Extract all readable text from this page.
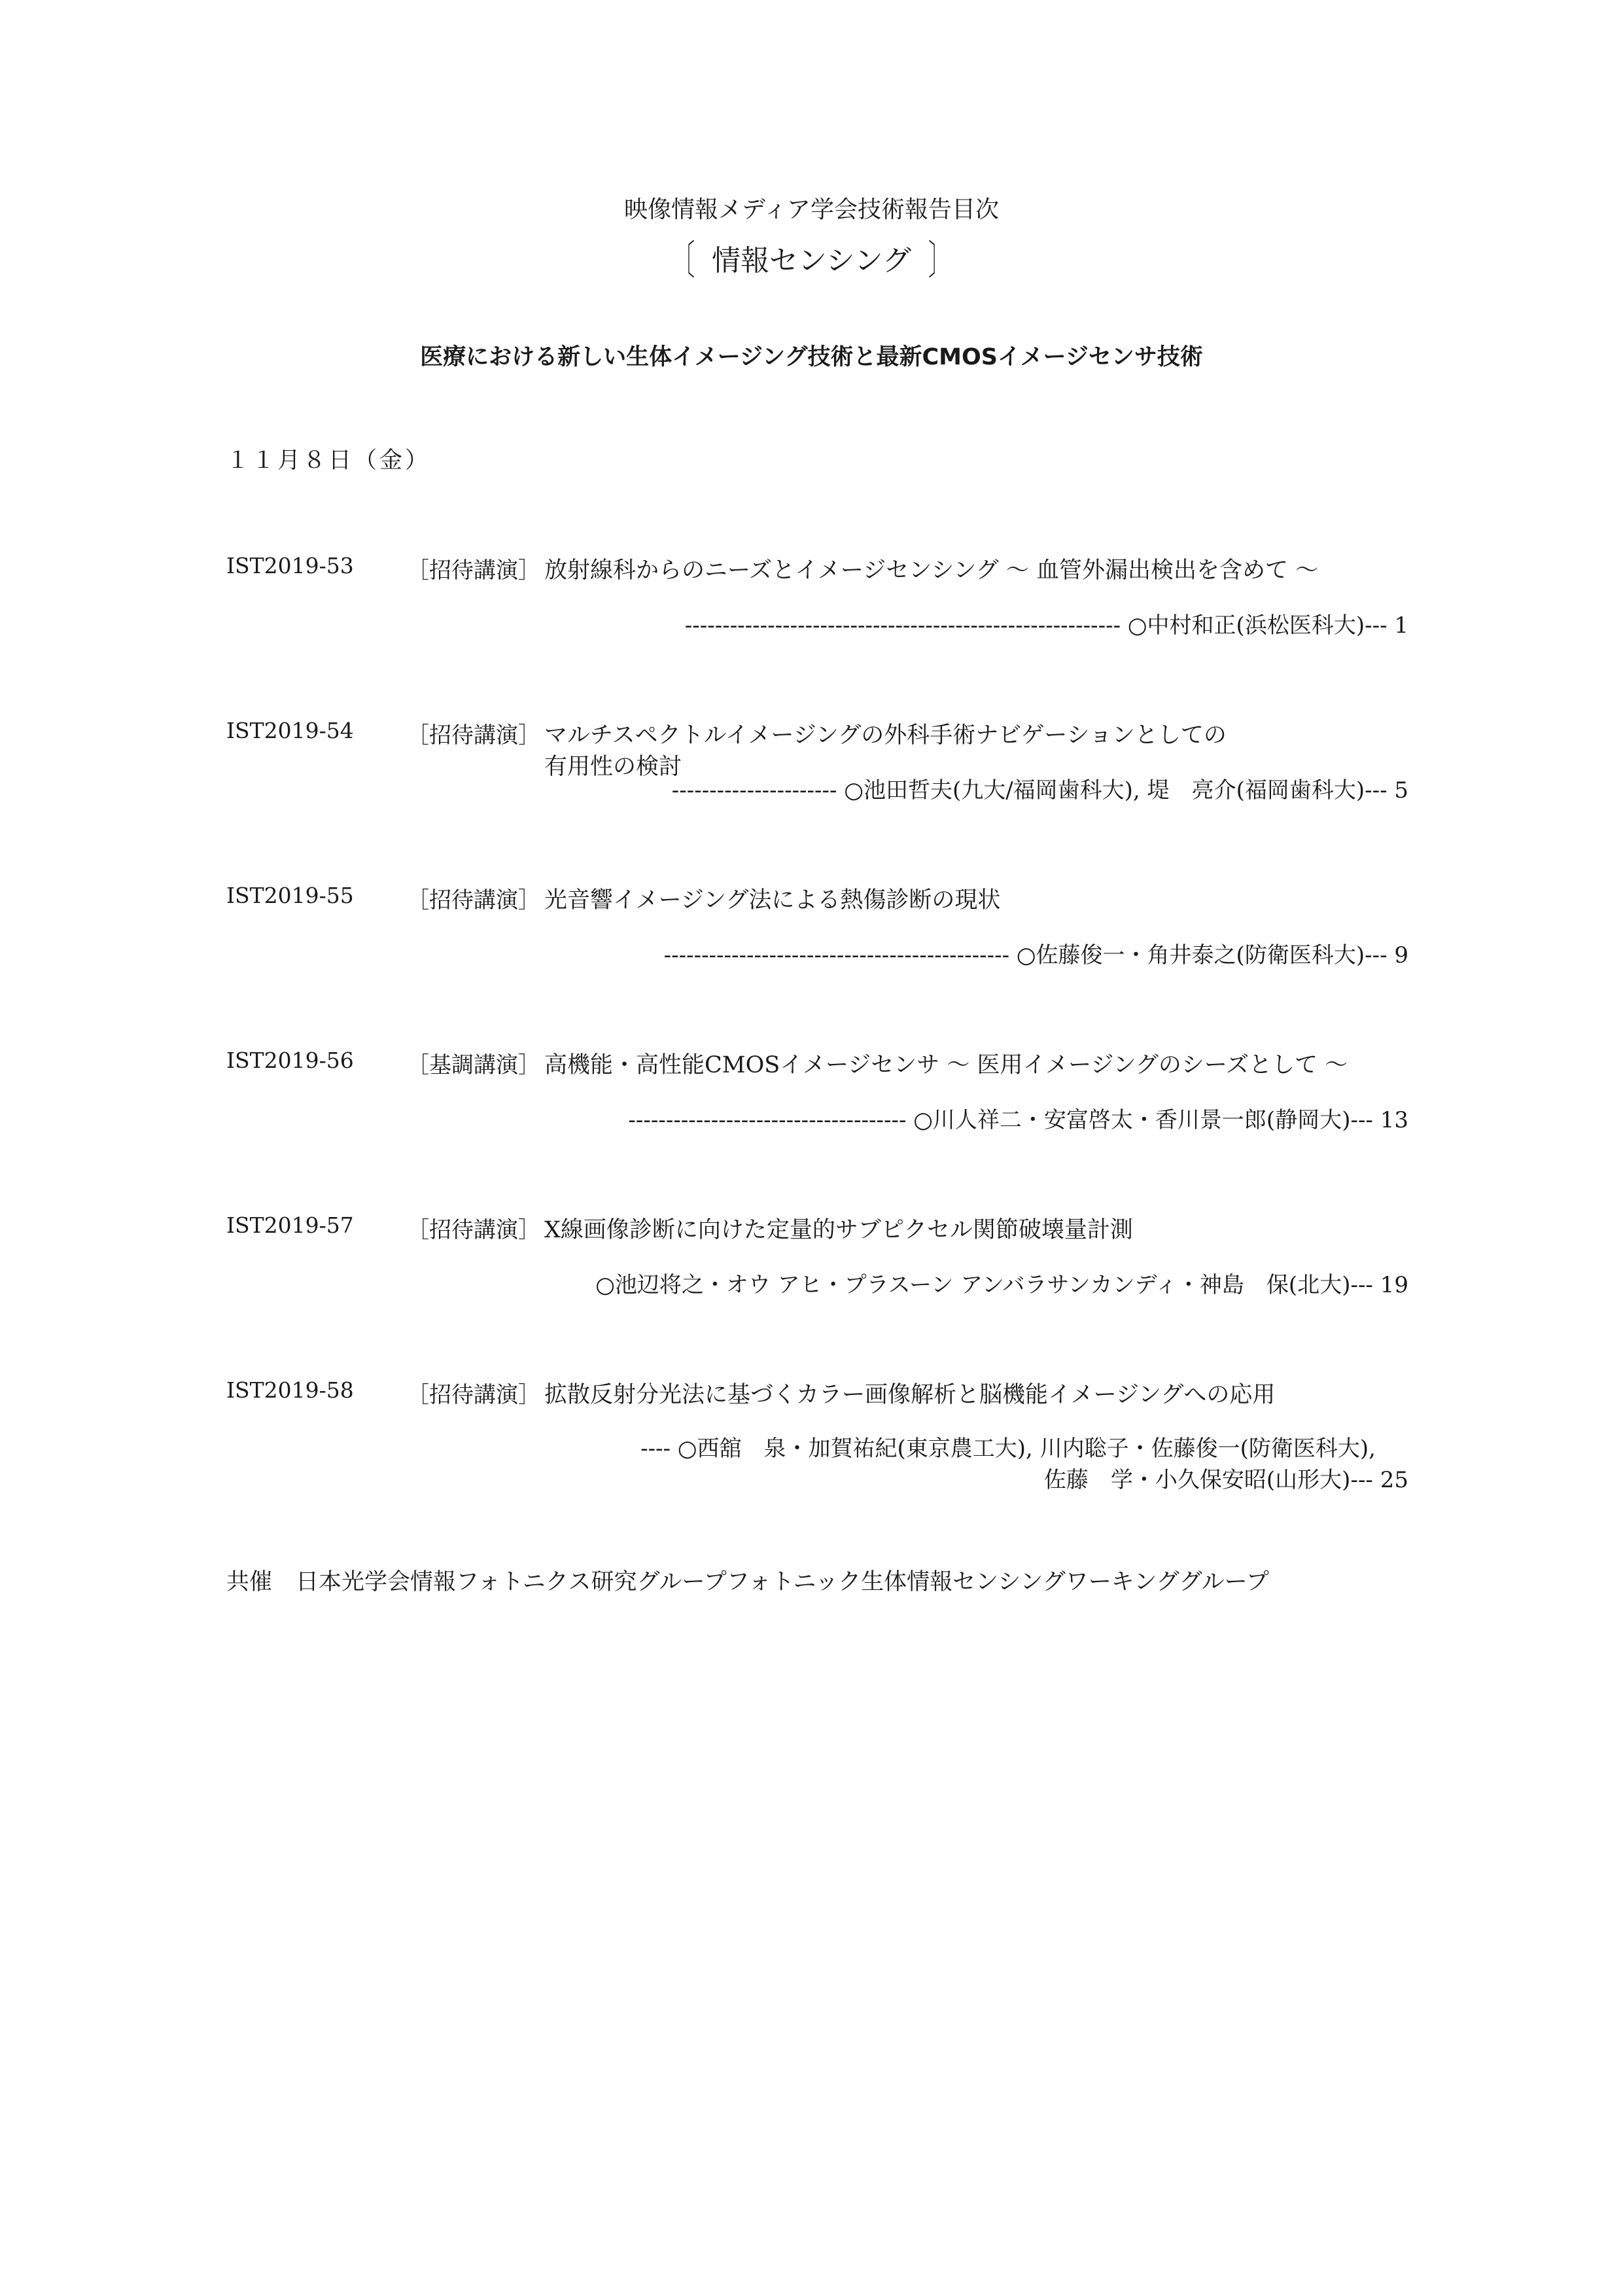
映像情報メディア学会技術報告目次
〔 情報センシング 〕
医療における新しい生体イメージング技術と最新CMOSイメージセンサ技術
１１月８日（金）
IST2019-53 ［招待講演］ 放射線科からのニーズとイメージセンシング ～ 血管外漏出検出を含めて ～
---------------------------------------------------------- ○中村和正(浜松医科大)--- 1
IST2019-54 ［招待講演］ マルチスペクトルイメージングの外科手術ナビゲーションとしての
有用性の検討
---------------------- ○池田哲夫(九大/福岡歯科大), 堤　亮介(福岡歯科大)--- 5
IST2019-55 ［招待講演］ 光音響イメージング法による熱傷診断の現状
---------------------------------------------- ○佐藤俊一・角井泰之(防衛医科大)--- 9
IST2019-56 ［基調講演］ 高機能・高性能CMOSイメージセンサ ～ 医用イメージングのシーズとして ～
------------------------------------- ○川人祥二・安富啓太・香川景一郎(静岡大)--- 13
IST2019-57 ［招待講演］ X線画像診断に向けた定量的サブピクセル関節破壊量計測
○池辺将之・オウ アヒ・プラスーン アンバラサンカンディ・神島　保(北大)--- 19
IST2019-58 ［招待講演］ 拡散反射分光法に基づくカラー画像解析と脳機能イメージングへの応用
---- ○西舘　泉・加賀祐紀(東京農工大), 川内聡子・佐藤俊一(防衛医科大),
佐藤　学・小久保安昭(山形大)--- 25
共催 日本光学会情報フォトニクス研究グループフォトニック生体情報センシングワーキンググループ
